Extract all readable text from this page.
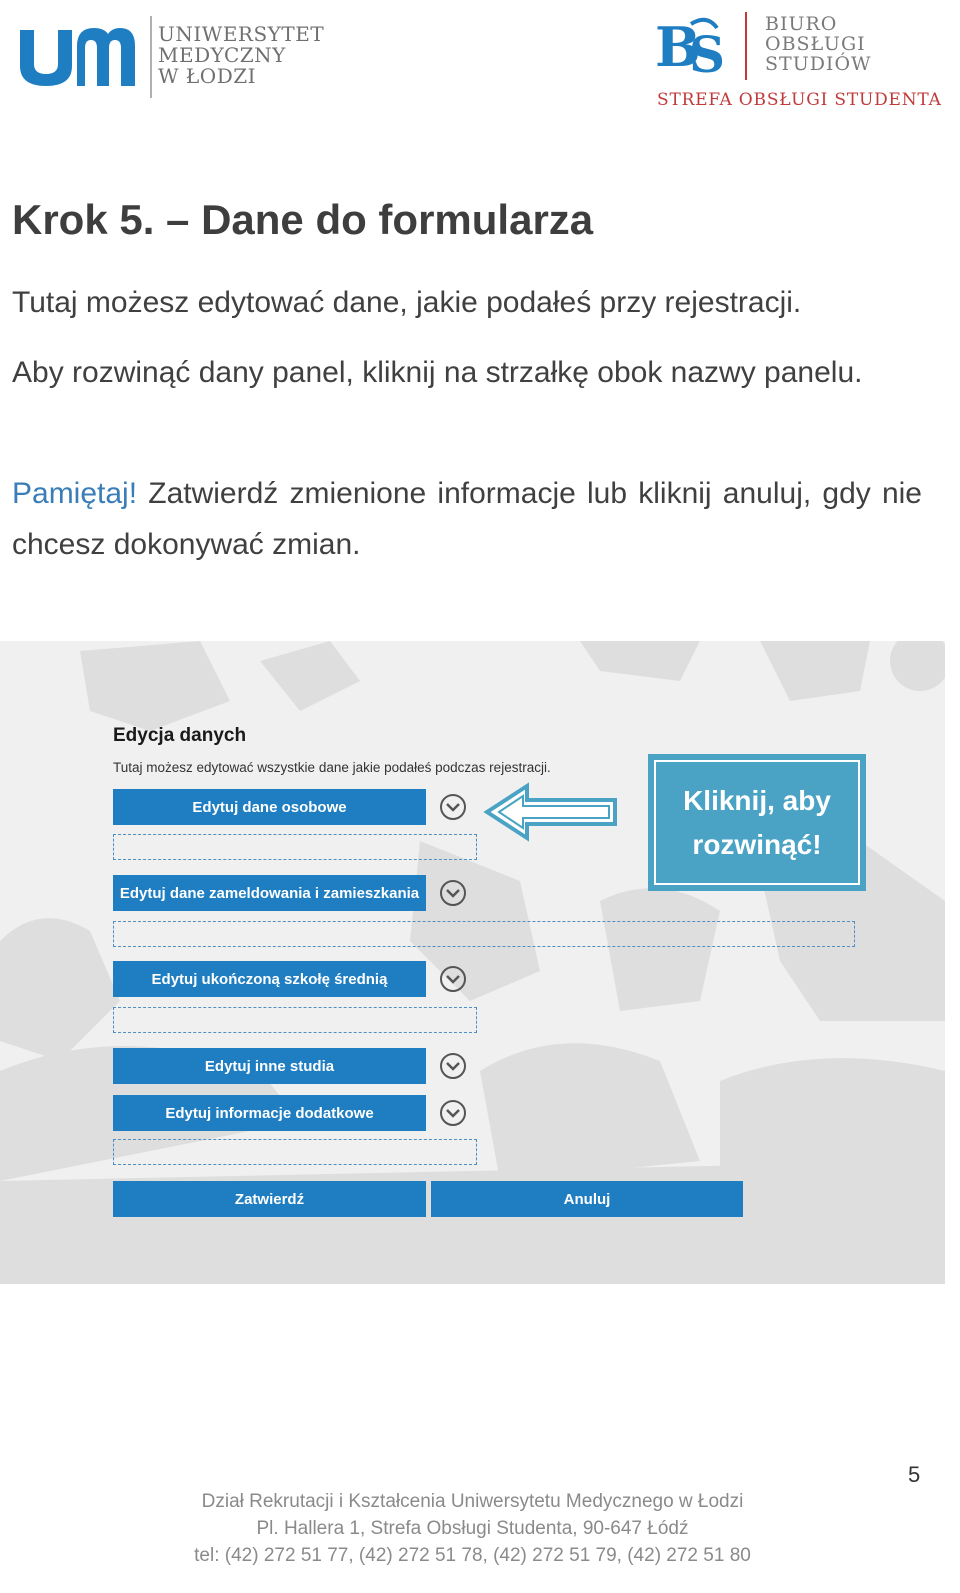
UNIWERSYTET
MEDYCZNY
W ŁODZI	B
S
BIURO
OBSŁUGI
STUDIÓW
STREFA OBSŁUGI STUDENTA
Krok 5. – Dane do formularza
Tutaj możesz edytować dane, jakie podałeś przy rejestracji.
Aby rozwinąć dany panel, kliknij na strzałkę obok nazwy panelu.
Pamiętaj! Zatwierdź zmienione informacje lub kliknij anuluj, gdy nie chcesz dokonywać zmian.
Edycja danych
Tutaj możesz edytować wszystkie dane jakie podałeś podczas rejestracji.
Edytuj dane osobowe
Edytuj dane zameldowania i zamieszkania
Edytuj ukończoną szkołę średnią
Edytuj inne studia
Edytuj informacje dodatkowe
Zatwierdź	Anuluj
Kliknij, aby
rozwinąć!
5
Dział Rekrutacji i Kształcenia Uniwersytetu Medycznego w Łodzi
Pl. Hallera 1, Strefa Obsługi Studenta, 90-647 Łódź
tel: (42) 272 51 77, (42) 272 51 78, (42) 272 51 79, (42) 272 51 80
